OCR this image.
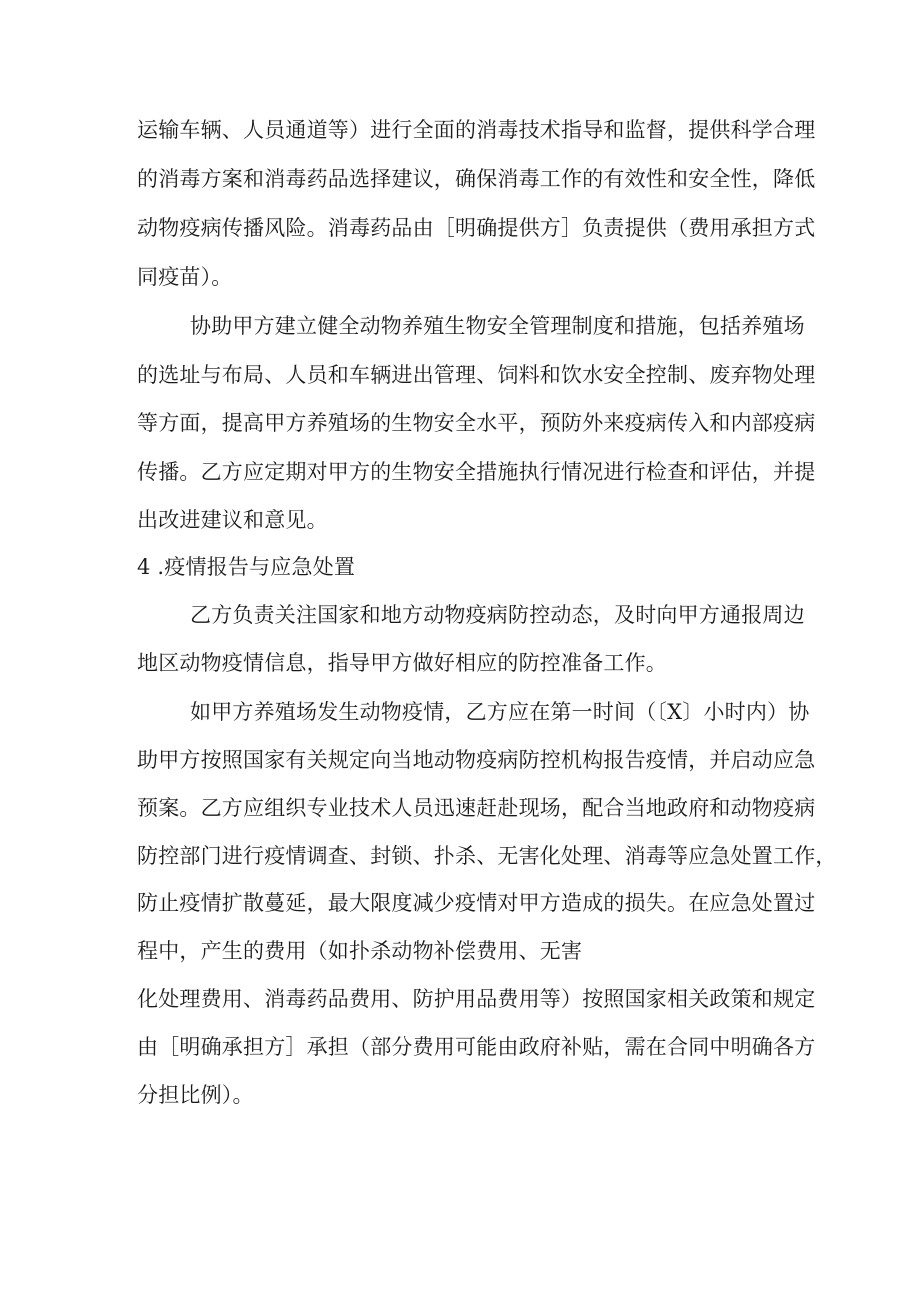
运输车辆、人员通道等）进行全面的消毒技术指导和监督，提供科学合理
的消毒方案和消毒药品选择建议，确保消毒工作的有效性和安全性，降低
动物疫病传播风险。消毒药品由［明确提供方］负责提供（费用承担方式
同疫苗）。
协助甲方建立健全动物养殖生物安全管理制度和措施，包括养殖场
的选址与布局、人员和车辆进出管理、饲料和饮水安全控制、废弃物处理
等方面，提高甲方养殖场的生物安全水平，预防外来疫病传入和内部疫病
传播。乙方应定期对甲方的生物安全措施执行情况进行检查和评估，并提
出改进建议和意见。
4 .疫情报告与应急处置
乙方负责关注国家和地方动物疫病防控动态，及时向甲方通报周边
地区动物疫情信息，指导甲方做好相应的防控准备工作。
如甲方养殖场发生动物疫情，乙方应在第一时间（〔X〕小时内）协
助甲方按照国家有关规定向当地动物疫病防控机构报告疫情，并启动应急
预案。乙方应组织专业技术人员迅速赶赴现场，配合当地政府和动物疫病
防控部门进行疫情调查、封锁、扑杀、无害化处理、消毒等应急处置工作，
防止疫情扩散蔓延，最大限度减少疫情对甲方造成的损失。在应急处置过
程中，产生的费用（如扑杀动物补偿费用、无害
化处理费用、消毒药品费用、防护用品费用等）按照国家相关政策和规定
由［明确承担方］承担（部分费用可能由政府补贴，需在合同中明确各方
分担比例）。
